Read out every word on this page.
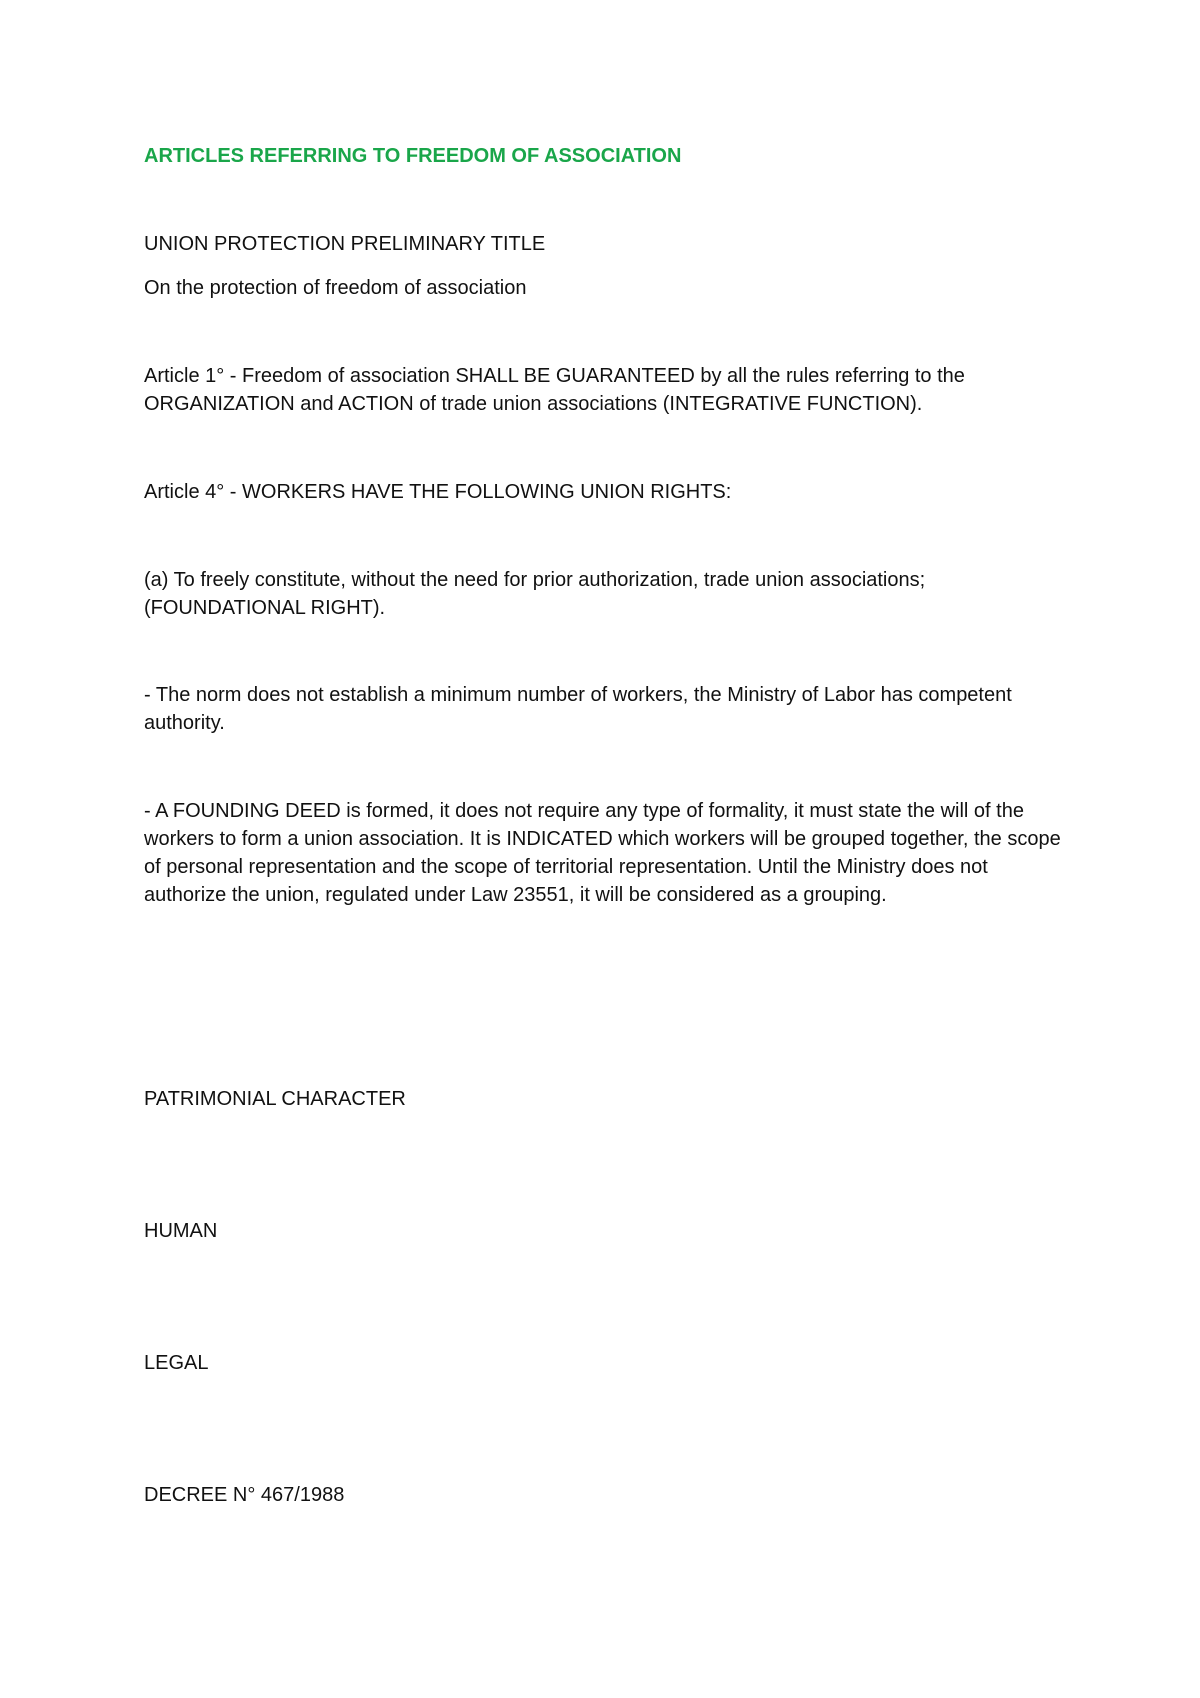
ARTICLES REFERRING TO FREEDOM OF ASSOCIATION

UNION PROTECTION PRELIMINARY TITLE

On the protection of freedom of association

Article 1° - Freedom of association SHALL BE GUARANTEED by all the rules referring to the ORGANIZATION and ACTION of trade union associations (INTEGRATIVE FUNCTION).

Article 4° - WORKERS HAVE THE FOLLOWING UNION RIGHTS:

(a) To freely constitute, without the need for prior authorization, trade union associations; (FOUNDATIONAL RIGHT).

- The norm does not establish a minimum number of workers, the Ministry of Labor has competent authority.

- A FOUNDING DEED is formed, it does not require any type of formality, it must state the will of the workers to form a union association. It is INDICATED which workers will be grouped together, the scope of personal representation and the scope of territorial representation. Until the Ministry does not authorize the union, regulated under Law 23551, it will be considered as a grouping.

PATRIMONIAL CHARACTER

HUMAN

LEGAL

DECREE N° 467/1988
